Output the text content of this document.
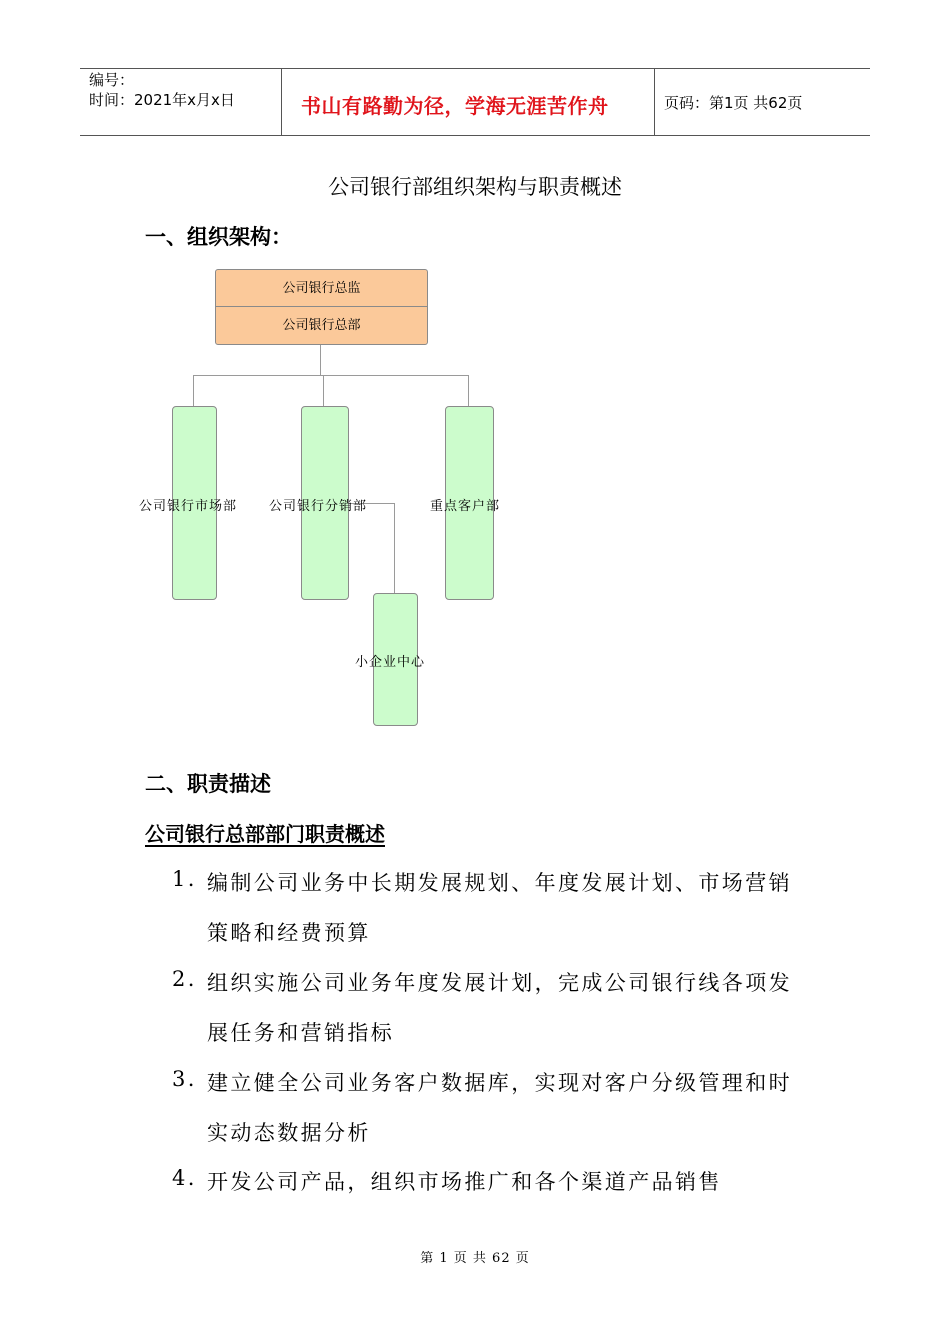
编号：
时间：2021年x月x日	书山有路勤为径，学海无涯苦作舟	页码：第1页 共62页
公司银行部组织架构与职责概述
一、组织架构：
公司银行总监
公司银行总部
公司银行市场部 公司银行分销部	重点客户部
小企业中心
二、职责描述
公司银行总部部门职责概述
1. 编制公司业务中长期发展规划、年度发展计划、市场营销
策略和经费预算
2. 组织实施公司业务年度发展计划，完成公司银行线各项发
展任务和营销指标
3. 建立健全公司业务客户数据库，实现对客户分级管理和时
实动态数据分析
4. 开发公司产品，组织市场推广和各个渠道产品销售
第 1 页 共 62 页
